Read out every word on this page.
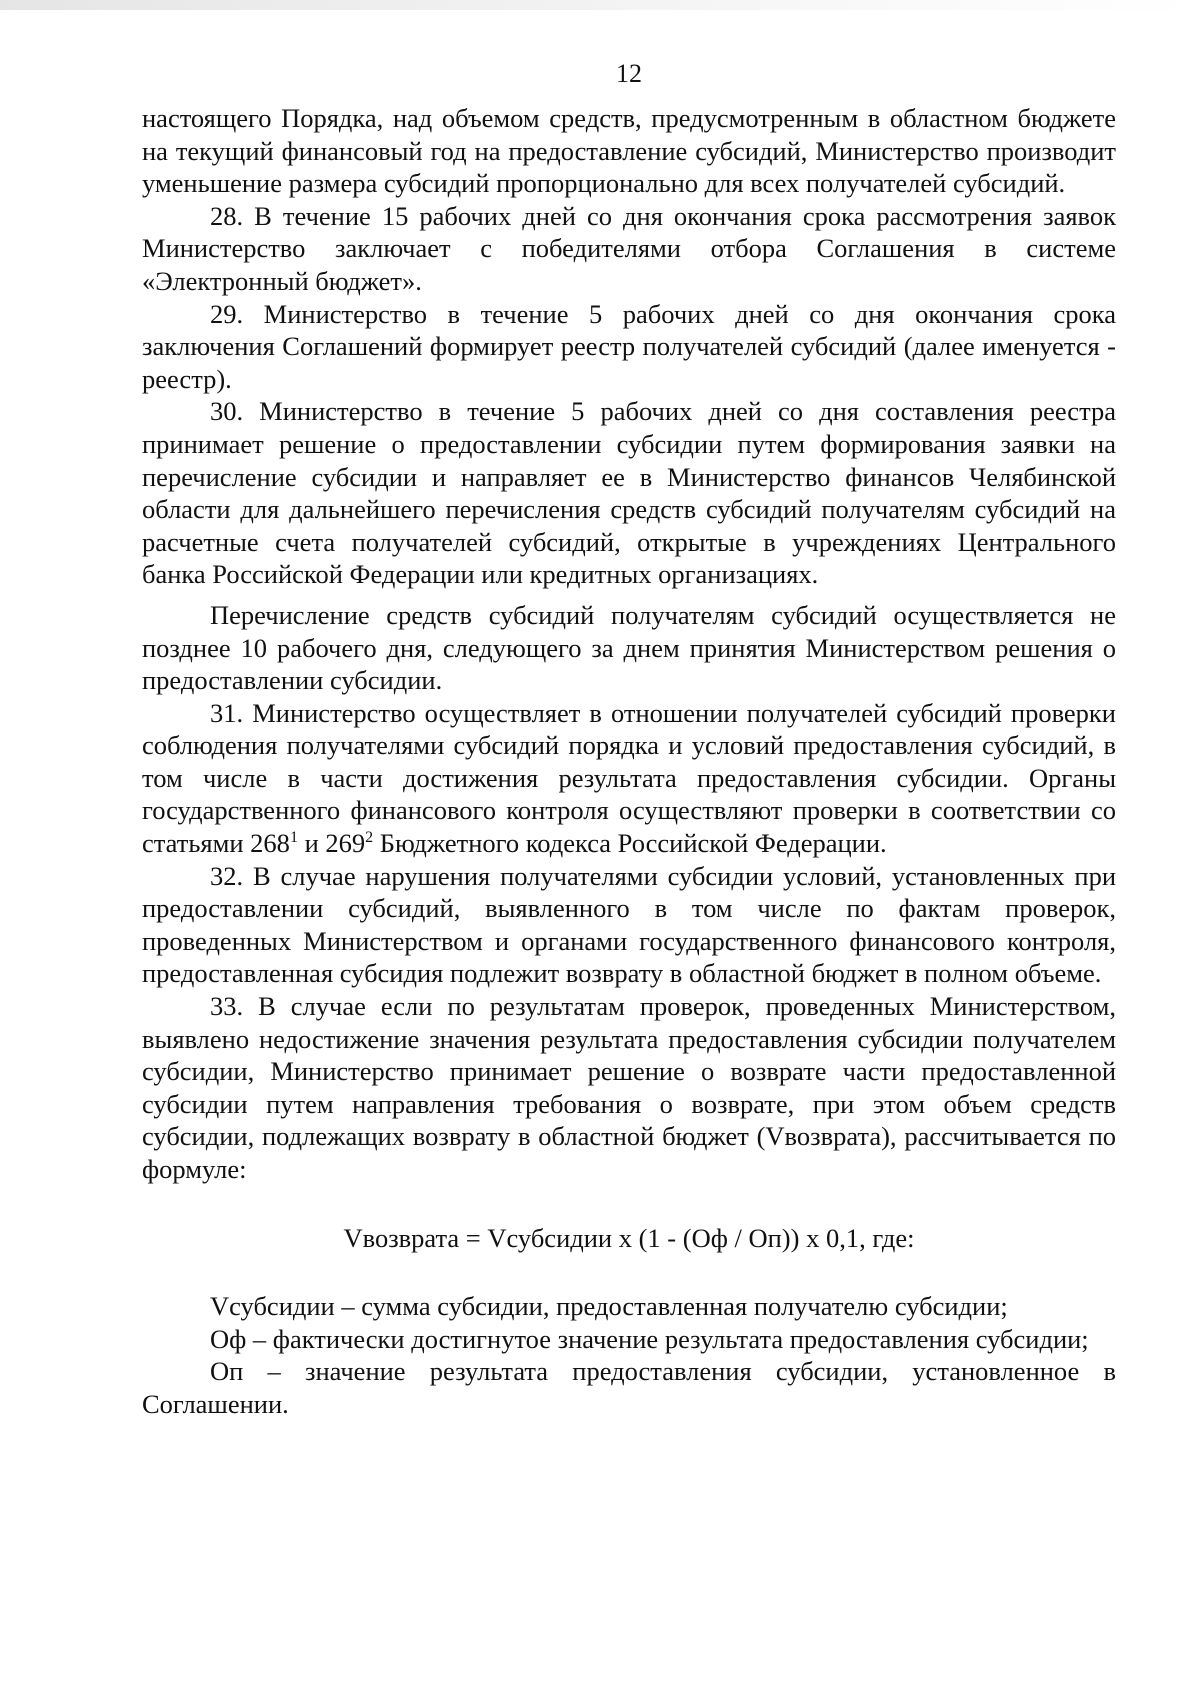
12

настоящего Порядка, над объемом средств, предусмотренным в областном бюджете на текущий финансовый год на предоставление субсидий, Министерство производит уменьшение размера субсидий пропорционально для всех получателей субсидий.

28. В течение 15 рабочих дней со дня окончания срока рассмотрения заявок Министерство заключает с победителями отбора Соглашения в системе «Электронный бюджет».

29. Министерство в течение 5 рабочих дней со дня окончания срока заключения Соглашений формирует реестр получателей субсидий (далее именуется - реестр).

30. Министерство в течение 5 рабочих дней со дня составления реестра принимает решение о предоставлении субсидии путем формирования заявки на перечисление субсидии и направляет ее в Министерство финансов Челябинской области для дальнейшего перечисления средств субсидий получателям субсидий на расчетные счета получателей субсидий, открытые в учреждениях Центрального банка Российской Федерации или кредитных организациях.

Перечисление средств субсидий получателям субсидий осуществляется не позднее 10 рабочего дня, следующего за днем принятия Министерством решения о предоставлении субсидии.

31. Министерство осуществляет в отношении получателей субсидий проверки соблюдения получателями субсидий порядка и условий предоставления субсидий, в том числе в части достижения результата предоставления субсидии. Органы государственного финансового контроля осуществляют проверки в соответствии со статьями $268^1$ и $269^2$ Бюджетного кодекса Российской Федерации.

32. В случае нарушения получателями субсидии условий, установленных при предоставлении субсидий, выявленного в том числе по фактам проверок, проведенных Министерством и органами государственного финансового контроля, предоставленная субсидия подлежит возврату в областной бюджет в полном объеме.

33. В случае если по результатам проверок, проведенных Министерством, выявлено недостижение значения результата предоставления субсидии получателем субсидии, Министерство принимает решение о возврате части предоставленной субсидии путем направления требования о возврате, при этом объем средств субсидии, подлежащих возврату в областной бюджет (Vвозврата), рассчитывается по формуле:

Vвозврата = Vсубсидии х (1 - (Оф / Оп)) х 0,1, где:

Vсубсидии – сумма субсидии, предоставленная получателю субсидии;

Оф – фактически достигнутое значение результата предоставления субсидии;

Оп – значение результата предоставления субсидии, установленное в Соглашении.
